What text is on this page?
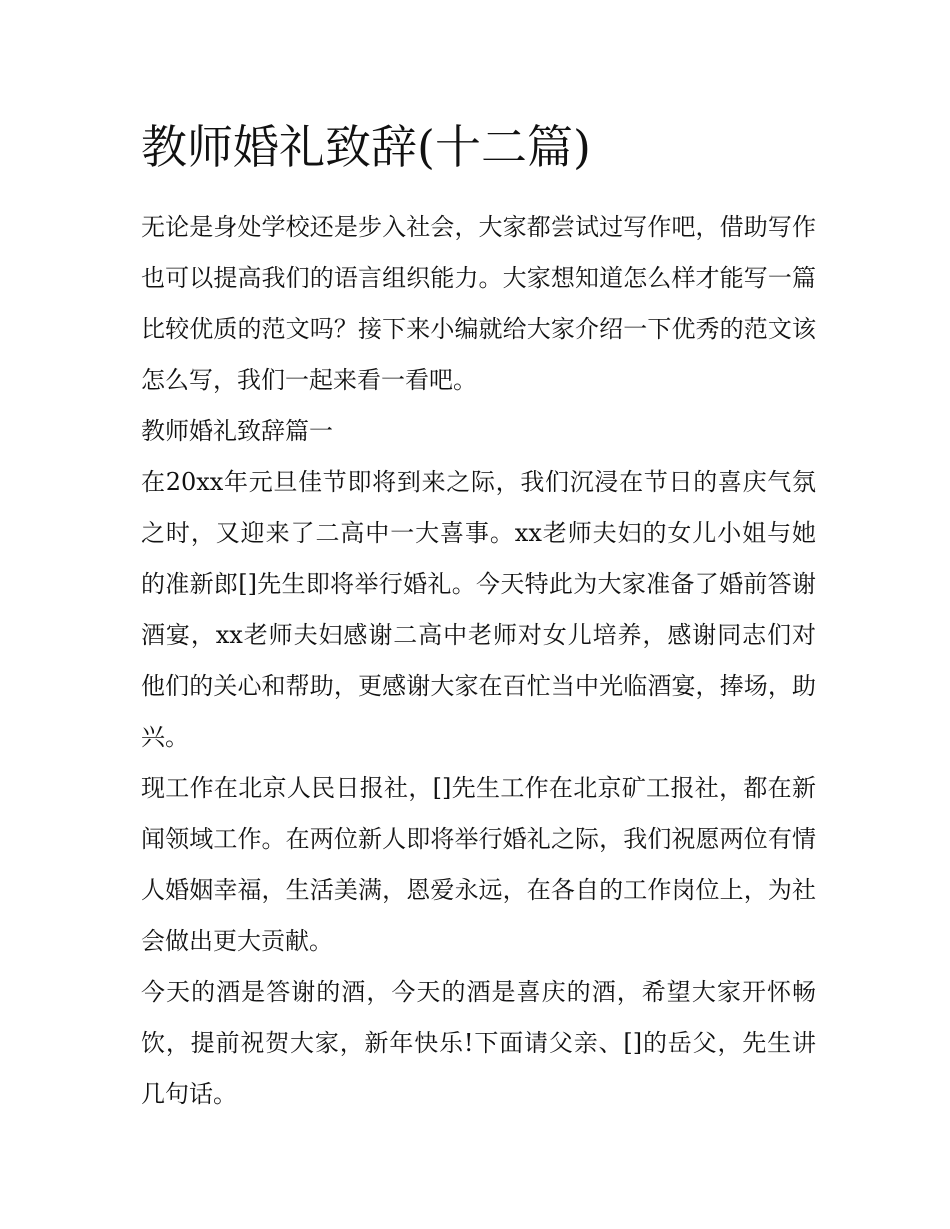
教师婚礼致辞(十二篇)

无论是身处学校还是步入社会，大家都尝试过写作吧，借助写作也可以提高我们的语言组织能力。大家想知道怎么样才能写一篇比较优质的范文吗？接下来小编就给大家介绍一下优秀的范文该怎么写，我们一起来看一看吧。

教师婚礼致辞篇一

在20xx年元旦佳节即将到来之际，我们沉浸在节日的喜庆气氛之时，又迎来了二高中一大喜事。xx老师夫妇的女儿小姐与她的准新郎[]先生即将举行婚礼。今天特此为大家准备了婚前答谢酒宴，xx老师夫妇感谢二高中老师对女儿培养，感谢同志们对他们的关心和帮助，更感谢大家在百忙当中光临酒宴，捧场，助兴。

现工作在北京人民日报社，[]先生工作在北京矿工报社，都在新闻领域工作。在两位新人即将举行婚礼之际，我们祝愿两位有情人婚姻幸福，生活美满，恩爱永远，在各自的工作岗位上，为社会做出更大贡献。

今天的酒是答谢的酒，今天的酒是喜庆的酒，希望大家开怀畅饮，提前祝贺大家，新年快乐!下面请父亲、[]的岳父，先生讲几句话。
